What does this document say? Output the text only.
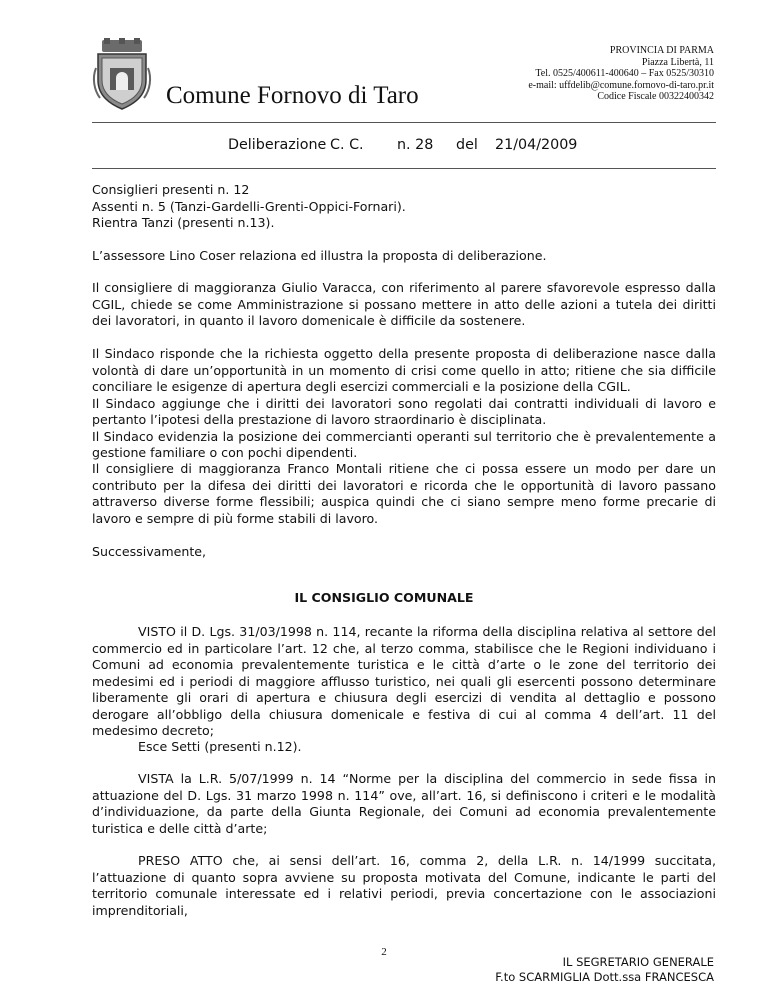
Comune Fornovo di Taro
PROVINCIA DI PARMA
Piazza Libertà, 11
Tel. 0525/400611-400640 – Fax 0525/30310
e-mail: uffdelib@comune.fornovo-di-taro.pr.it
Codice Fiscale 00322400342
Deliberazione C. C. n. 28 del 21/04/2009
Consiglieri presenti n. 12
Assenti n. 5 (Tanzi-Gardelli-Grenti-Oppici-Fornari).
Rientra Tanzi (presenti n.13).
L’assessore Lino Coser relaziona ed illustra la proposta di deliberazione.
Il consigliere di maggioranza Giulio Varacca, con riferimento al parere sfavorevole espresso dalla CGIL, chiede se come Amministrazione si possano mettere in atto delle azioni a tutela dei diritti dei lavoratori, in quanto il lavoro domenicale è difficile da sostenere.

Il Sindaco risponde che la richiesta oggetto della presente proposta di deliberazione nasce dalla volontà di dare un’opportunità in un momento di crisi come quello in atto; ritiene che sia difficile conciliare le esigenze di apertura degli esercizi commerciali e la posizione della CGIL.

Il Sindaco aggiunge che i diritti dei lavoratori sono regolati dai contratti individuali di lavoro e pertanto l’ipotesi della prestazione di lavoro straordinario è disciplinata.

Il Sindaco evidenzia la posizione dei commercianti operanti sul territorio che è prevalentemente a gestione familiare o con pochi dipendenti.

Il consigliere di maggioranza Franco Montali ritiene che ci possa essere un modo per dare un contributo per la difesa dei diritti dei lavoratori e ricorda che le opportunità di lavoro passano attraverso diverse forme flessibili; auspica quindi che ci siano sempre meno forme precarie di lavoro e sempre di più forme stabili di lavoro.
Successivamente,
IL CONSIGLIO COMUNALE
VISTO il D. Lgs. 31/03/1998 n. 114, recante la riforma della disciplina relativa al settore del commercio ed in particolare l’art. 12 che, al terzo comma, stabilisce che le Regioni individuano i Comuni ad economia prevalentemente turistica e le città d’arte o le zone del territorio dei medesimi ed i periodi di maggiore afflusso turistico, nei quali gli esercenti possono determinare liberamente gli orari di apertura e chiusura degli esercizi di vendita al dettaglio e possono derogare all’obbligo della chiusura domenicale e festiva di cui al comma 4 dell’art. 11 del medesimo decreto;
Esce Setti (presenti n.12).
VISTA la L.R. 5/07/1999 n. 14 “Norme per la disciplina del commercio in sede fissa in attuazione del D. Lgs. 31 marzo 1998 n. 114” ove, all’art. 16, si definiscono i criteri e le modalità d’individuazione, da parte della Giunta Regionale, dei Comuni ad economia prevalentemente turistica e delle città d’arte;
PRESO ATTO che, ai sensi dell’art. 16, comma 2, della L.R. n. 14/1999 succitata, l’attuazione di quanto sopra avviene su proposta motivata del Comune, indicante le parti del territorio comunale interessate ed i relativi periodi, previa concertazione con le associazioni imprenditoriali,
2
IL SEGRETARIO GENERALE
F.to SCARMIGLIA Dott.ssa FRANCESCA
